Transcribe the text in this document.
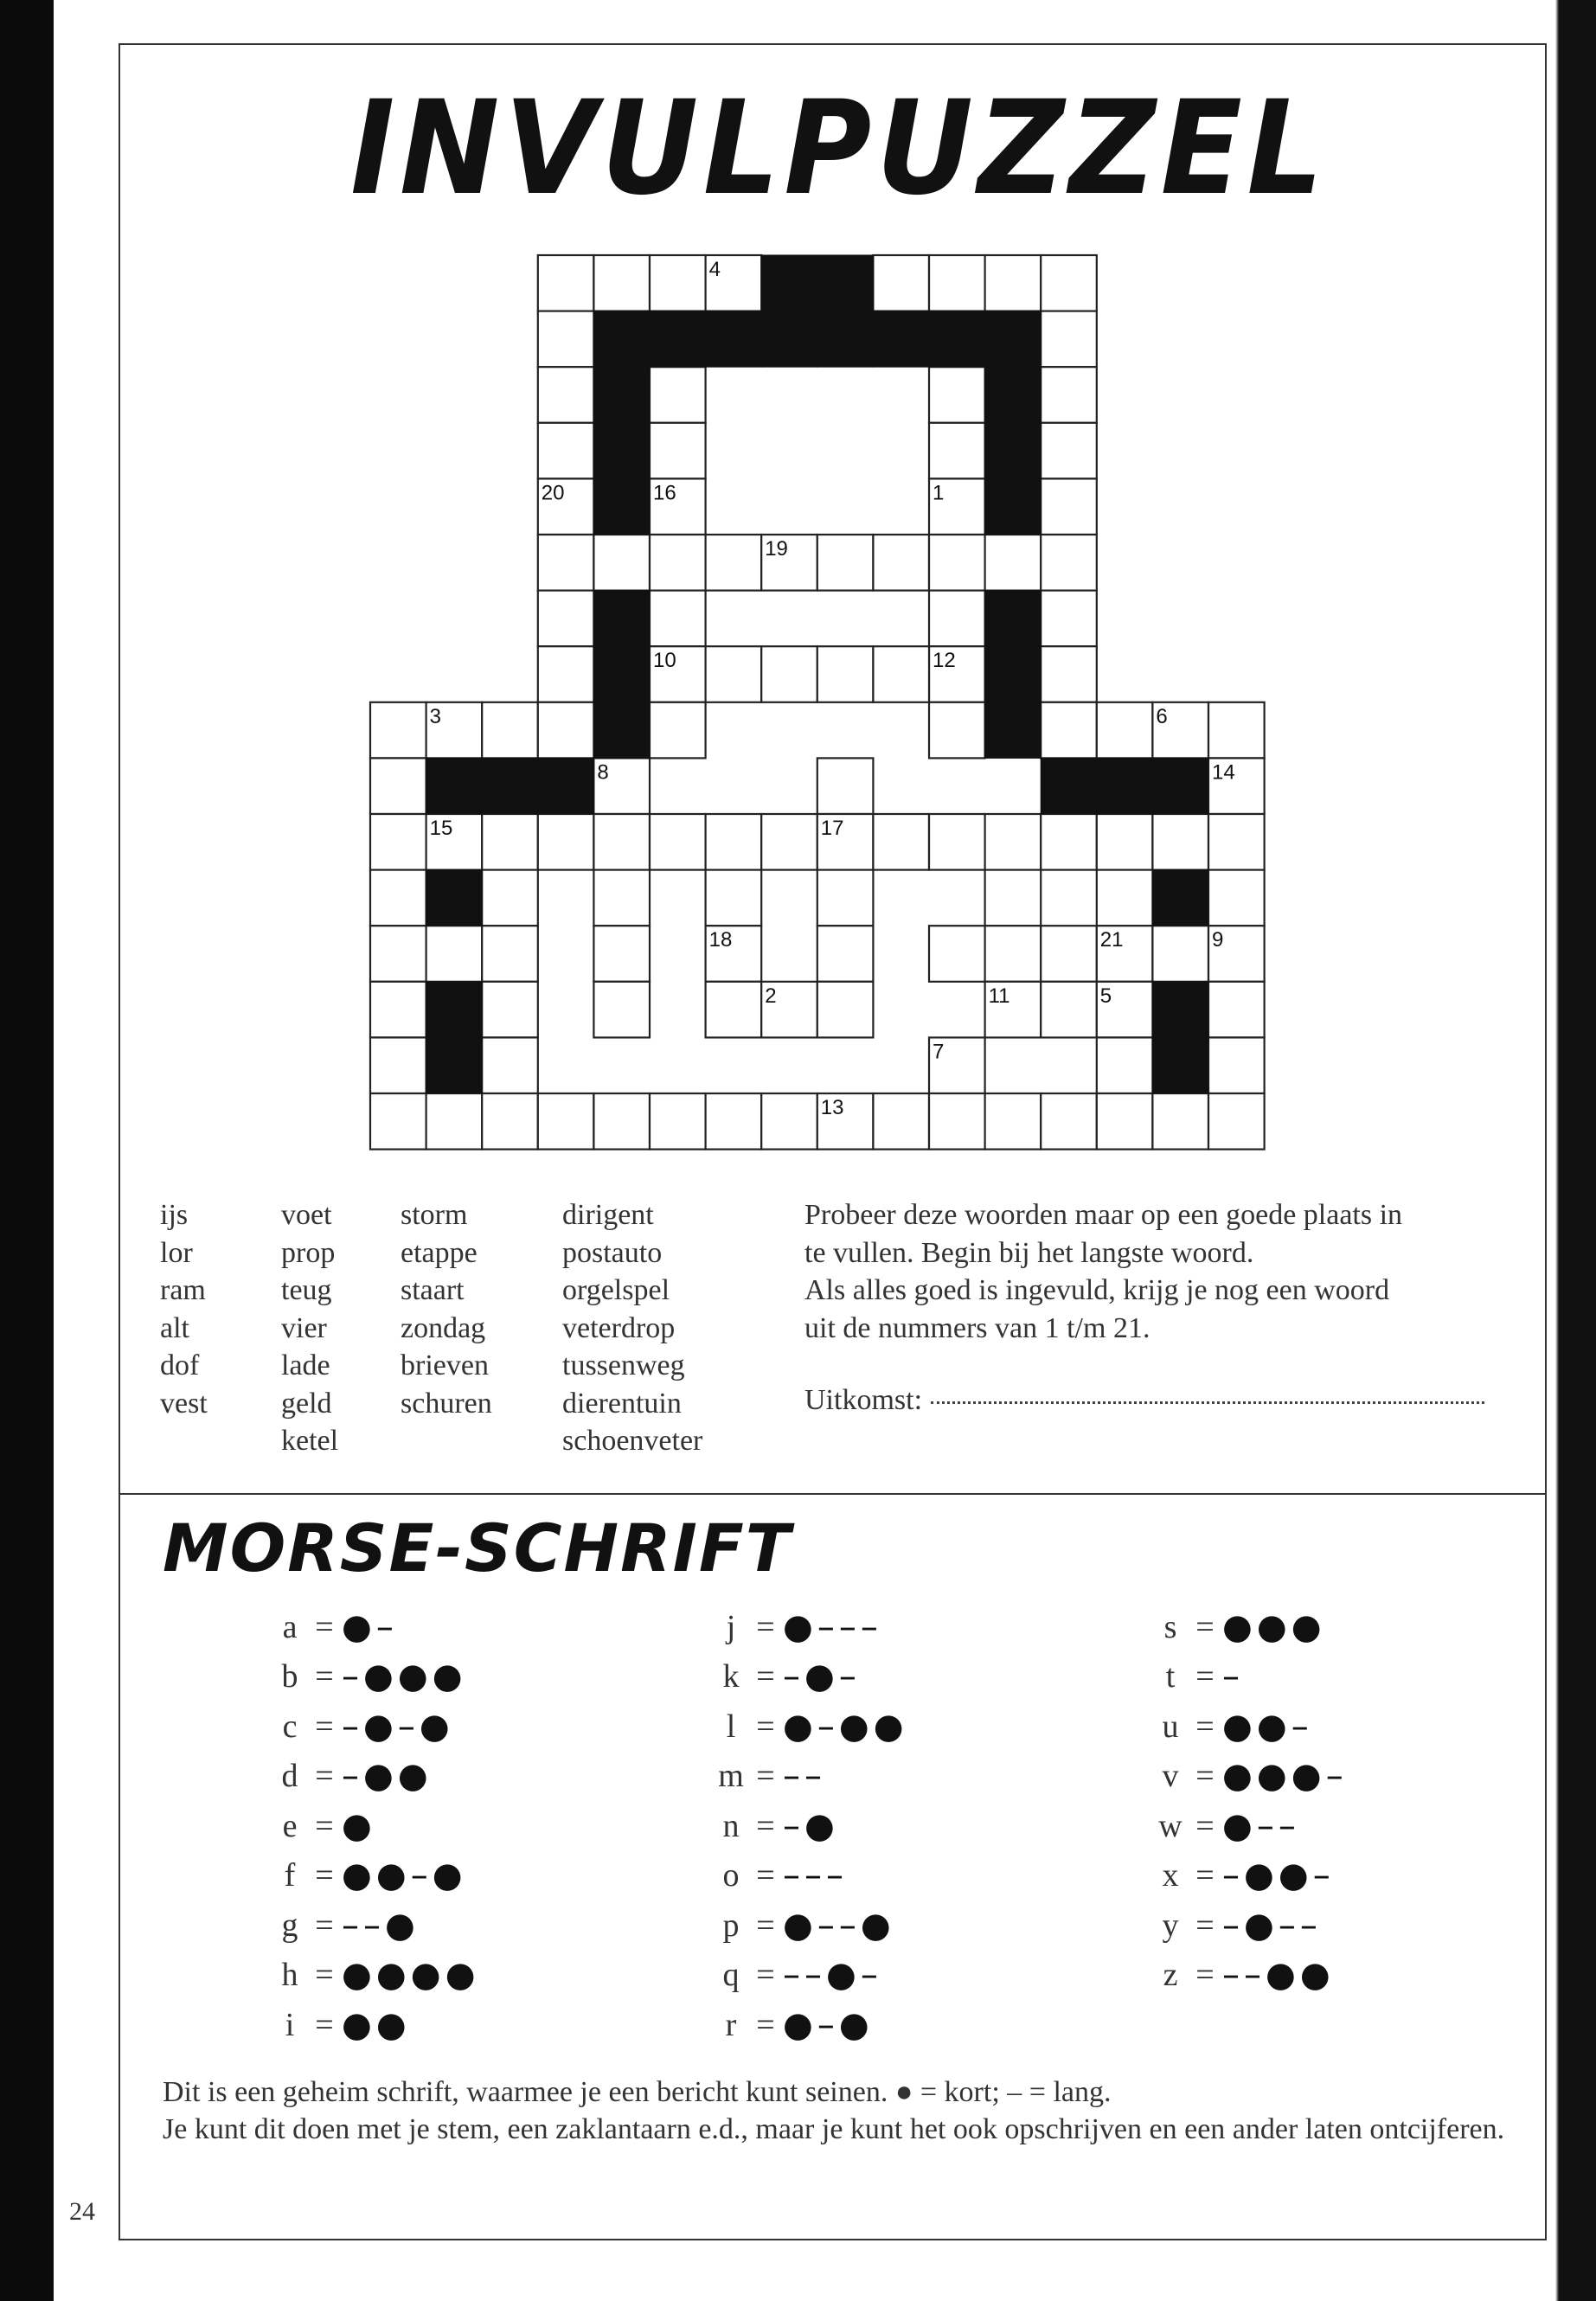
INVULPUZZEL
4
20	16	1
19
10	12
3	6
8	14
15	17
18	21	9
2	11	5
7
13
ijs
lor
ram
alt
dof
vest
voet
prop
teug
vier
lade
geld
ketel
storm
etappe
staart
zondag
brieven
schuren
dirigent
postauto
orgelspel
veterdrop
tussenweg
dierentuin
schoenveter
Probeer deze woorden maar op een goede plaats in
te vullen. Begin bij het langste woord.
Als alles goed is ingevuld, krijg je nog een woord
uit de nummers van 1 t/m 21.
Uitkomst:
MORSE-SCHRIFT
a = ●–
b = –●●●
c = –●–●
d = –●●
e = ●
f = ●●–●
g = ––●
h = ●●●●
i = ●●
j = ●–––
k = –●–
l = ●–●●
m = ––
n = –●
o = –––
p = ●––●
q = ––●–
r = ●–●
s = ●●●
t = –
u = ●●–
v = ●●●–
w = ●––
x = –●●–
y = –●––
z = ––●●
Dit is een geheim schrift, waarmee je een bericht kunt seinen. ● = kort; – = lang.
Je kunt dit doen met je stem, een zaklantaarn e.d., maar je kunt het ook opschrijven en een ander laten ontcijferen.
24
